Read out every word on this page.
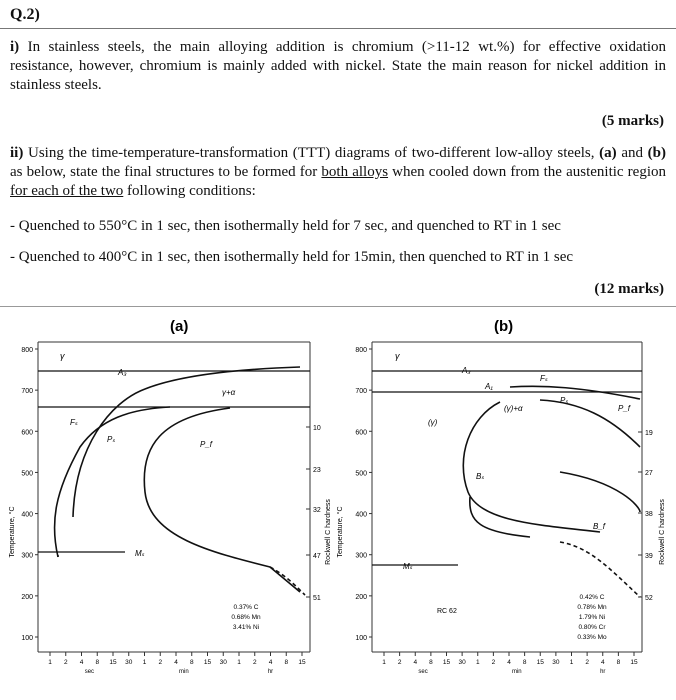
Q.2)

i) In stainless steels, the main alloying addition is chromium (>11-12 wt.%) for effective oxidation resistance, however, chromium is mainly added with nickel. State the main reason for nickel addition in stainless steels.

(5 marks)

ii) Using the time-temperature-transformation (TTT) diagrams of two-different low-alloy steels, (a) and (b) as below, state the final structures to be formed for both alloys when cooled down from the austenitic region for each of the two following conditions:

- Quenched to 550°C in 1 sec, then isothermally held for 7 sec, and quenched to RT in 1 sec
- Quenched to 400°C in 1 sec, then isothermally held for 15min, then quenched to RT in 1 sec
(12 marks)
(a)
Temperature, °C	Rockwell C hardness
100
200
300
400
500
600
700
800
1 2 4 8 15 30 1 2 4 8 15 30 1 2 4 8 15
sec	min	hr
10
23
32
47
51
γ
A₃
γ+α
Fₛ
Pₛ
P_f
Mₛ
0.37% C
0.68% Mn
3.41% Ni
(b)
Temperature, °C	Rockwell C hardness
100
200
300
400
500
600
700
800
1 2 4 8 15 30 1 2 4 8 15 30 1 2 4 8 15
sec	min	hr
19
27
38
39
52
γ
A₃
A₁
Fₛ
(γ)+α
Pₛ
P_f
(γ)
Bₛ
B_f
Mₛ
RC 62
0.42% C
0.78% Mn
1.79% Ni
0.80% Cr
0.33% Mo
